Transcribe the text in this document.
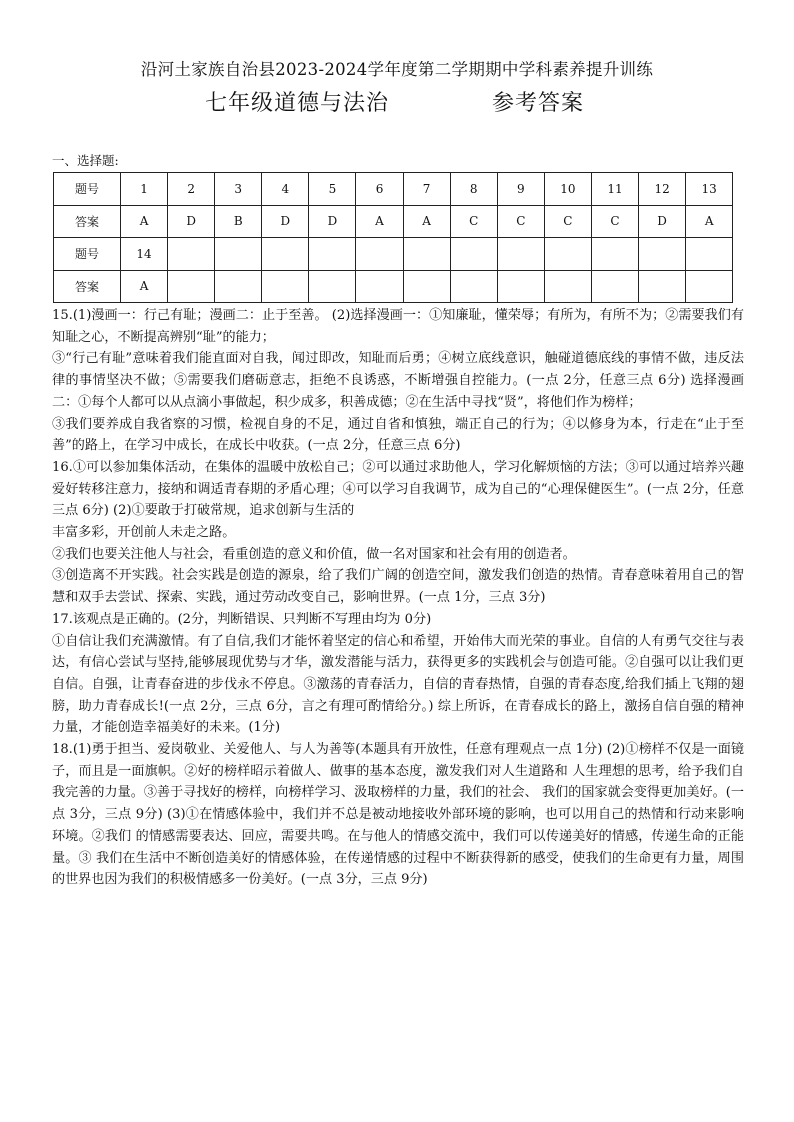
沿河土家族自治县2023-2024学年度第二学期期中学科素养提升训练
七年级道德与法治	参考答案
一、选择题:
题号	1	2	3	4	5	6	7	8	9	10	11	12	13
答案	A	D	B	D	D	A	A	C	C	C	C	D	A
题号	14												
答案	A												

15.(1)漫画一：行己有耻；漫画二：止于至善。 (2)选择漫画一：①知廉耻，懂荣辱；有所为，有所不为；②需要我们有知耻之心，不断提高辨别“耻”的能力；

③“行己有耻”意味着我们能直面对自我，闻过即改，知耻而后勇；④树立底线意识，触碰道德底线的事情不做，违反法律的事情坚决不做；⑤需要我们磨砺意志，拒绝不良诱惑，不断增强自控能力。(一点 2分，任意三点 6分) 选择漫画二：①每个人都可以从点滴小事做起，积少成多，积善成德；②在生活中寻找“贤”，将他们作为榜样；

③我们要养成自我省察的习惯，检视自身的不足，通过自省和慎独，端正自己的行为；④以修身为本，行走在“止于至善”的路上，在学习中成长，在成长中收获。(一点 2分，任意三点 6分)

16.①可以参加集体活动，在集体的温暖中放松自己；②可以通过求助他人，学习化解烦恼的方法；③可以通过培养兴趣爱好转移注意力，接纳和调适青春期的矛盾心理；④可以学习自我调节，成为自己的“心理保健医生”。(一点 2分，任意三点 6分) (2)①要敢于打破常规，追求创新与生活的

丰富多彩，开创前人未走之路。

②我们也要关注他人与社会，看重创造的意义和价值，做一名对国家和社会有用的创造者。

③创造离不开实践。社会实践是创造的源泉，给了我们广阔的创造空间，激发我们创造的热情。青春意味着用自己的智慧和双手去尝试、探索、实践，通过劳动改变自己，影响世界。(一点 1分，三点 3分)

17.该观点是正确的。(2分，判断错误、只判断不写理由均为 0分)

①自信让我们充满激情。有了自信,我们才能怀着坚定的信心和希望，开始伟大而光荣的事业。自信的人有勇气交往与表达，有信心尝试与坚持,能够展现优势与才华，激发潜能与活力，获得更多的实践机会与创造可能。②自强可以让我们更自信。自强，让青春奋进的步伐永不停息。③激荡的青春活力，自信的青春热情，自强的青春态度,给我们插上飞翔的翅膀，助力青春成长!(一点 2分，三点 6分，言之有理可酌情给分。) 综上所诉，在青春成长的路上，激扬自信自强的精神力量，才能创造幸福美好的未来。(1分)

18.(1)勇于担当、爱岗敬业、关爱他人、与人为善等(本题具有开放性，任意有理观点一点 1分) (2)①榜样不仅是一面镜子，而且是一面旗帜。②好的榜样昭示着做人、做事的基本态度，激发我们对人生道路和 人生理想的思考，给予我们自我完善的力量。③善于寻找好的榜样，向榜样学习、汲取榜样的力量，我们的社会、 我们的国家就会变得更加美好。(一点 3分，三点 9分) (3)①在情感体验中，我们并不总是被动地接收外部环境的影响，也可以用自己的热情和行动来影响环境。②我们 的情感需要表达、回应，需要共鸣。在与他人的情感交流中，我们可以传递美好的情感，传递生命的正能量。③ 我们在生活中不断创造美好的情感体验，在传递情感的过程中不断获得新的感受，使我们的生命更有力量，周围 的世界也因为我们的积极情感多一份美好。(一点 3分，三点 9分)
